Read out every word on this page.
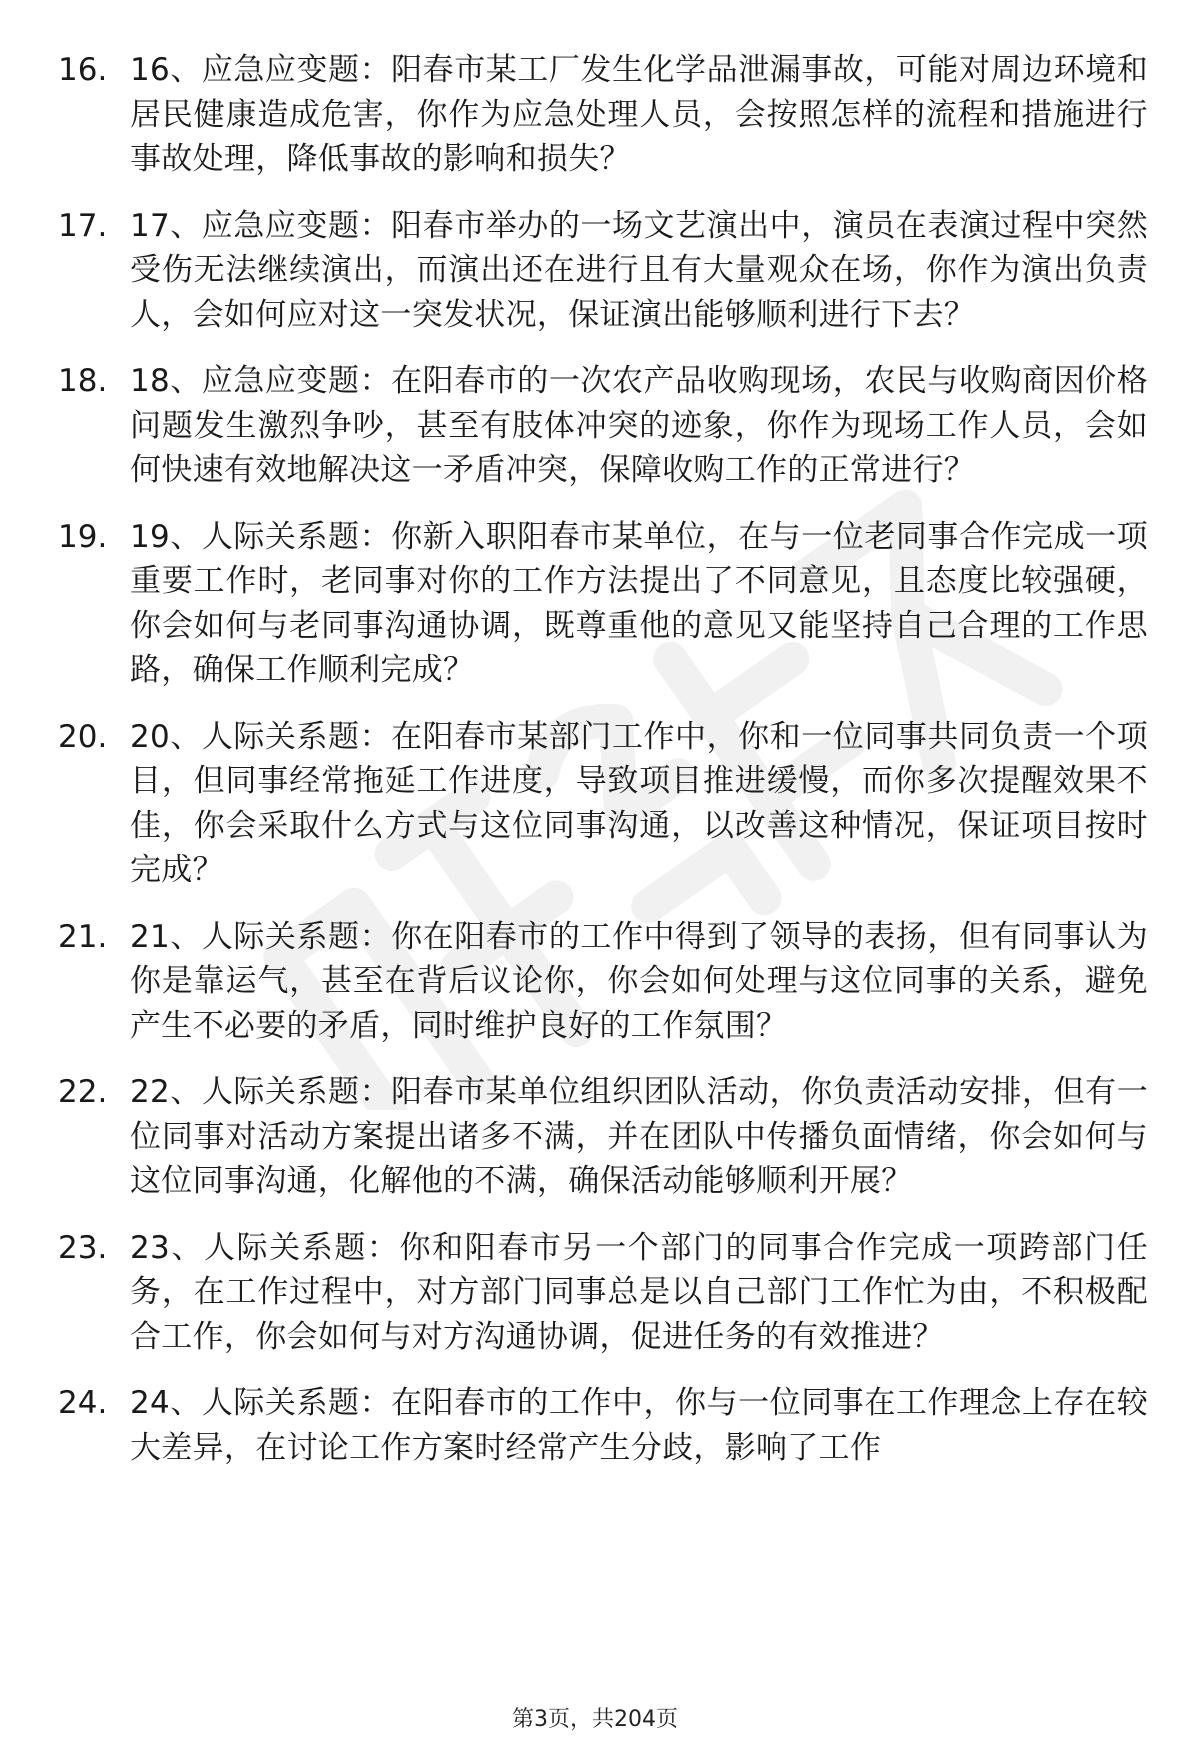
16. 16、应急应变题：阳春市某工厂发生化学品泄漏事故，可能对周边环境和居民健康造成危害，你作为应急处理人员，会按照怎样的流程和措施进行事故处理，降低事故的影响和损失？
17. 17、应急应变题：阳春市举办的一场文艺演出中，演员在表演过程中突然受伤无法继续演出，而演出还在进行且有大量观众在场，你作为演出负责人，会如何应对这一突发状况，保证演出能够顺利进行下去？
18. 18、应急应变题：在阳春市的一次农产品收购现场，农民与收购商因价格问题发生激烈争吵，甚至有肢体冲突的迹象，你作为现场工作人员，会如何快速有效地解决这一矛盾冲突，保障收购工作的正常进行？
19. 19、人际关系题：你新入职阳春市某单位，在与一位老同事合作完成一项重要工作时，老同事对你的工作方法提出了不同意见，且态度比较强硬，你会如何与老同事沟通协调，既尊重他的意见又能坚持自己合理的工作思路，确保工作顺利完成？
20. 20、人际关系题：在阳春市某部门工作中，你和一位同事共同负责一个项目，但同事经常拖延工作进度，导致项目推进缓慢，而你多次提醒效果不佳，你会采取什么方式与这位同事沟通，以改善这种情况，保证项目按时完成？
21. 21、人际关系题：你在阳春市的工作中得到了领导的表扬，但有同事认为你是靠运气，甚至在背后议论你，你会如何处理与这位同事的关系，避免产生不必要的矛盾，同时维护良好的工作氛围？
22. 22、人际关系题：阳春市某单位组织团队活动，你负责活动安排，但有一位同事对活动方案提出诸多不满，并在团队中传播负面情绪，你会如何与这位同事沟通，化解他的不满，确保活动能够顺利开展？
23. 23、人际关系题：你和阳春市另一个部门的同事合作完成一项跨部门任务，在工作过程中，对方部门同事总是以自己部门工作忙为由，不积极配合工作，你会如何与对方沟通协调，促进任务的有效推进？
24. 24、人际关系题：在阳春市的工作中，你与一位同事在工作理念上存在较大差异，在讨论工作方案时经常产生分歧，影响了工作
第3页，共204页
